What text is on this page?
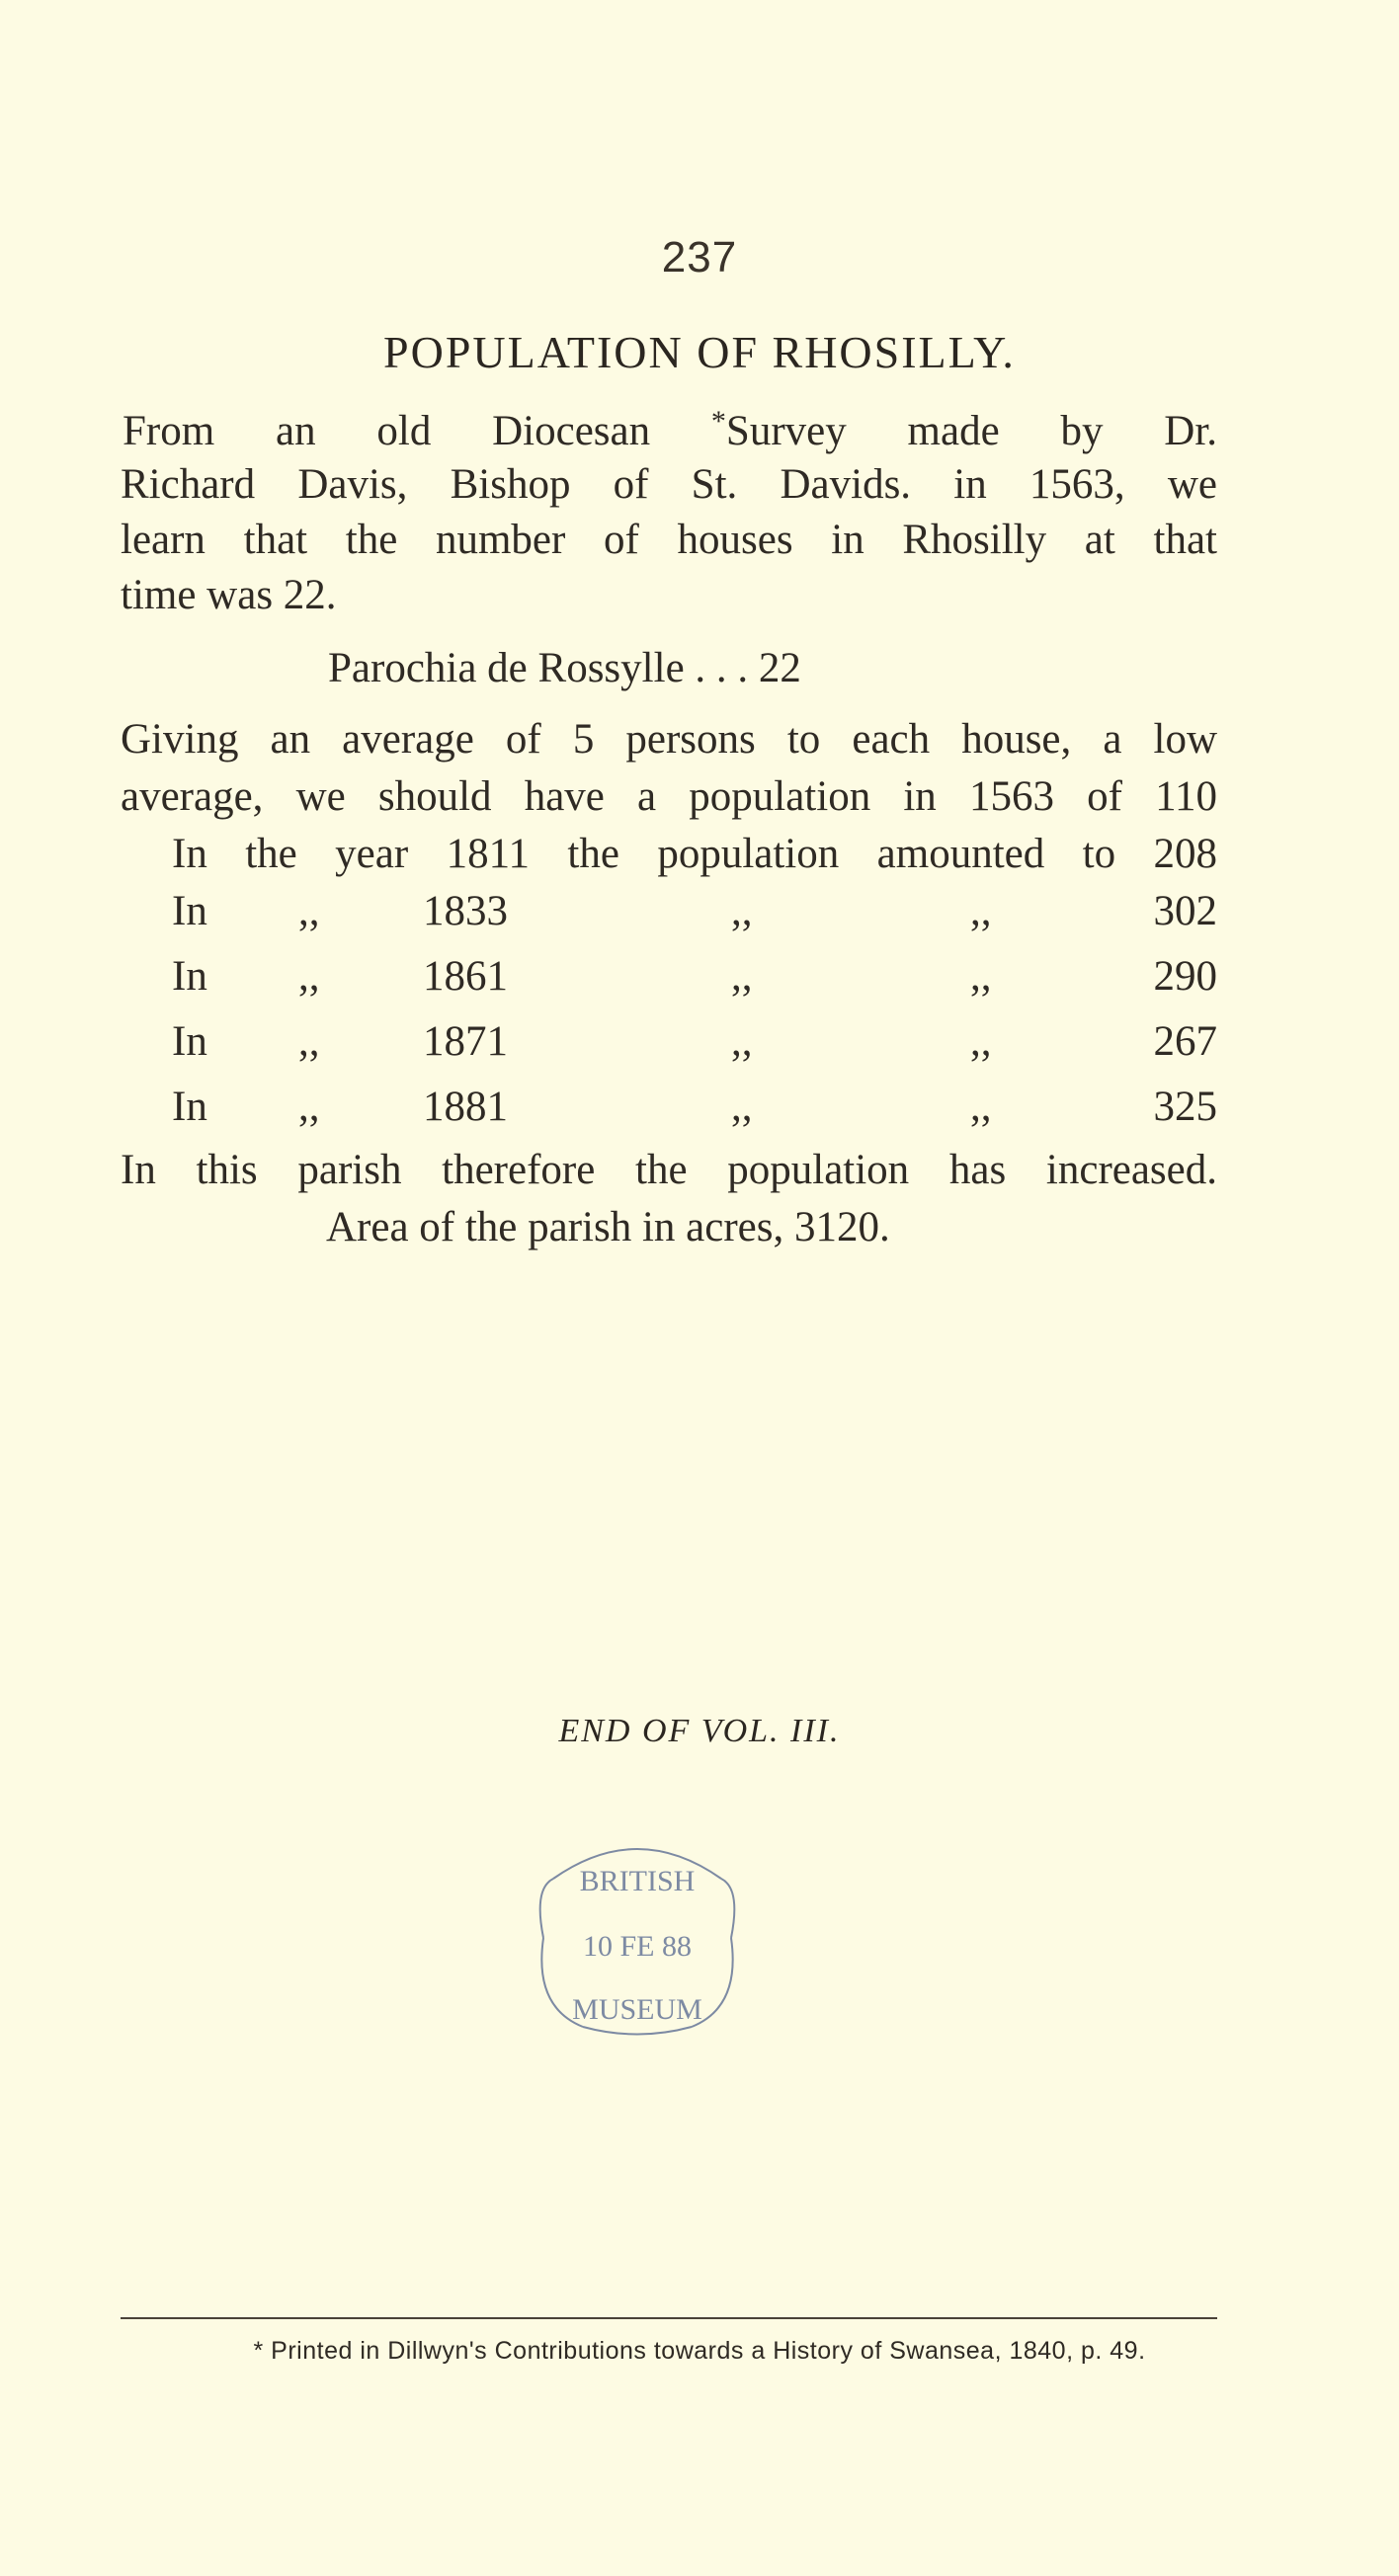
237
POPULATION OF RHOSILLY.
From an old Diocesan *Survey made by Dr.
Richard Davis, Bishop of St. Davids. in 1563, we
learn that the number of houses in Rhosilly at that
time was 22.
Parochia de Rossylle . . . 22
Giving an average of 5 persons to each house, a low
average, we should have a population in 1563 of 110
In the year 1811 the population amounted to 208
In ,, 1833	,,	,,	302
In ,, 1861	,,	,,	290
In ,, 1871	,,	,,	267
In ,, 1881	,,	,,	325
In this parish therefore the population has increased.
Area of the parish in acres, 3120.
END OF VOL. III.
BRITISH
10 FE 88
MUSEUM
* Printed in Dillwyn's Contributions towards a History of Swansea, 1840, p. 49.
